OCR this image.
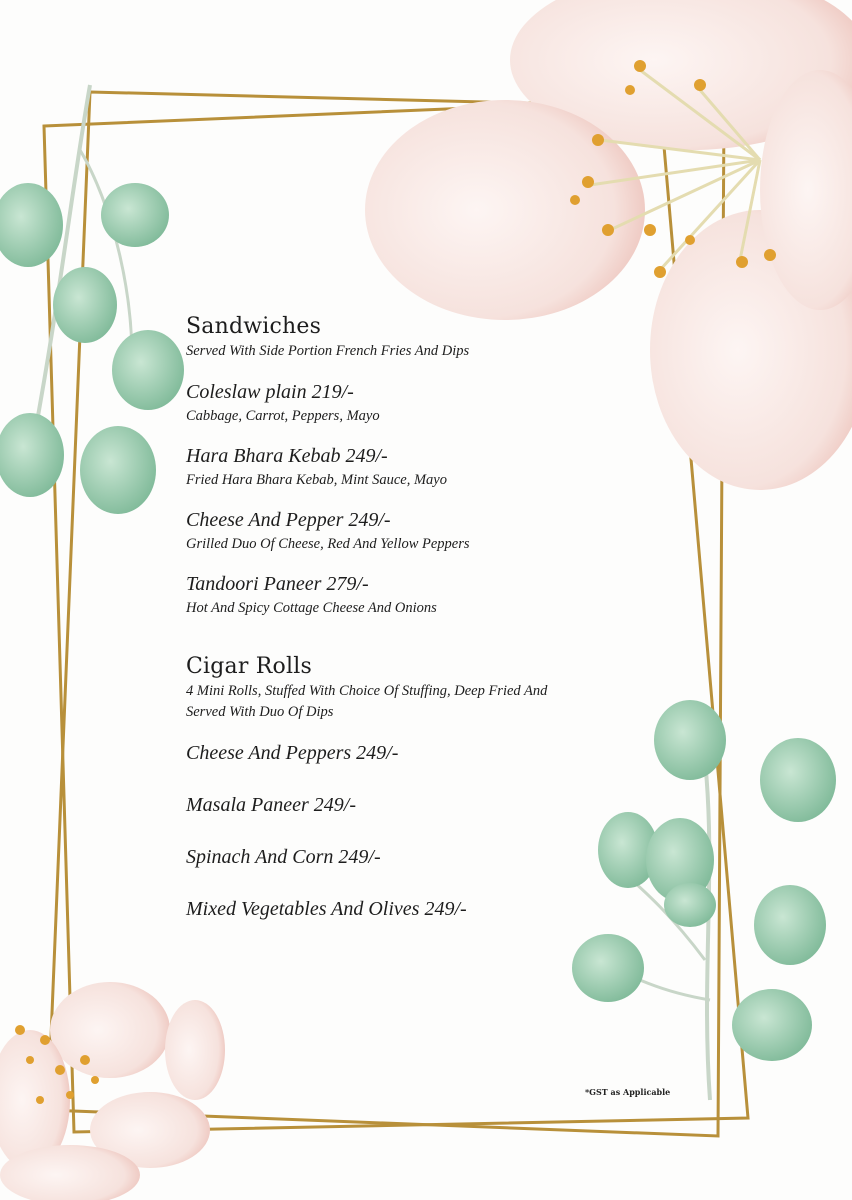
Sandwiches

Served With Side Portion French Fries And Dips

Coleslaw plain 219/-

Cabbage, Carrot, Peppers, Mayo

Hara Bhara Kebab 249/-

Fried Hara Bhara Kebab, Mint Sauce, Mayo

Cheese And Pepper 249/-

Grilled Duo Of Cheese, Red And Yellow Peppers

Tandoori Paneer 279/-

Hot And Spicy Cottage Cheese And Onions

Cigar Rolls

4 Mini Rolls, Stuffed With Choice Of Stuffing, Deep Fried And
Served With Duo Of Dips

Cheese And Peppers 249/-

Masala Paneer 249/-

Spinach And Corn 249/-

Mixed Vegetables And Olives 249/-

*GST as Applicable
